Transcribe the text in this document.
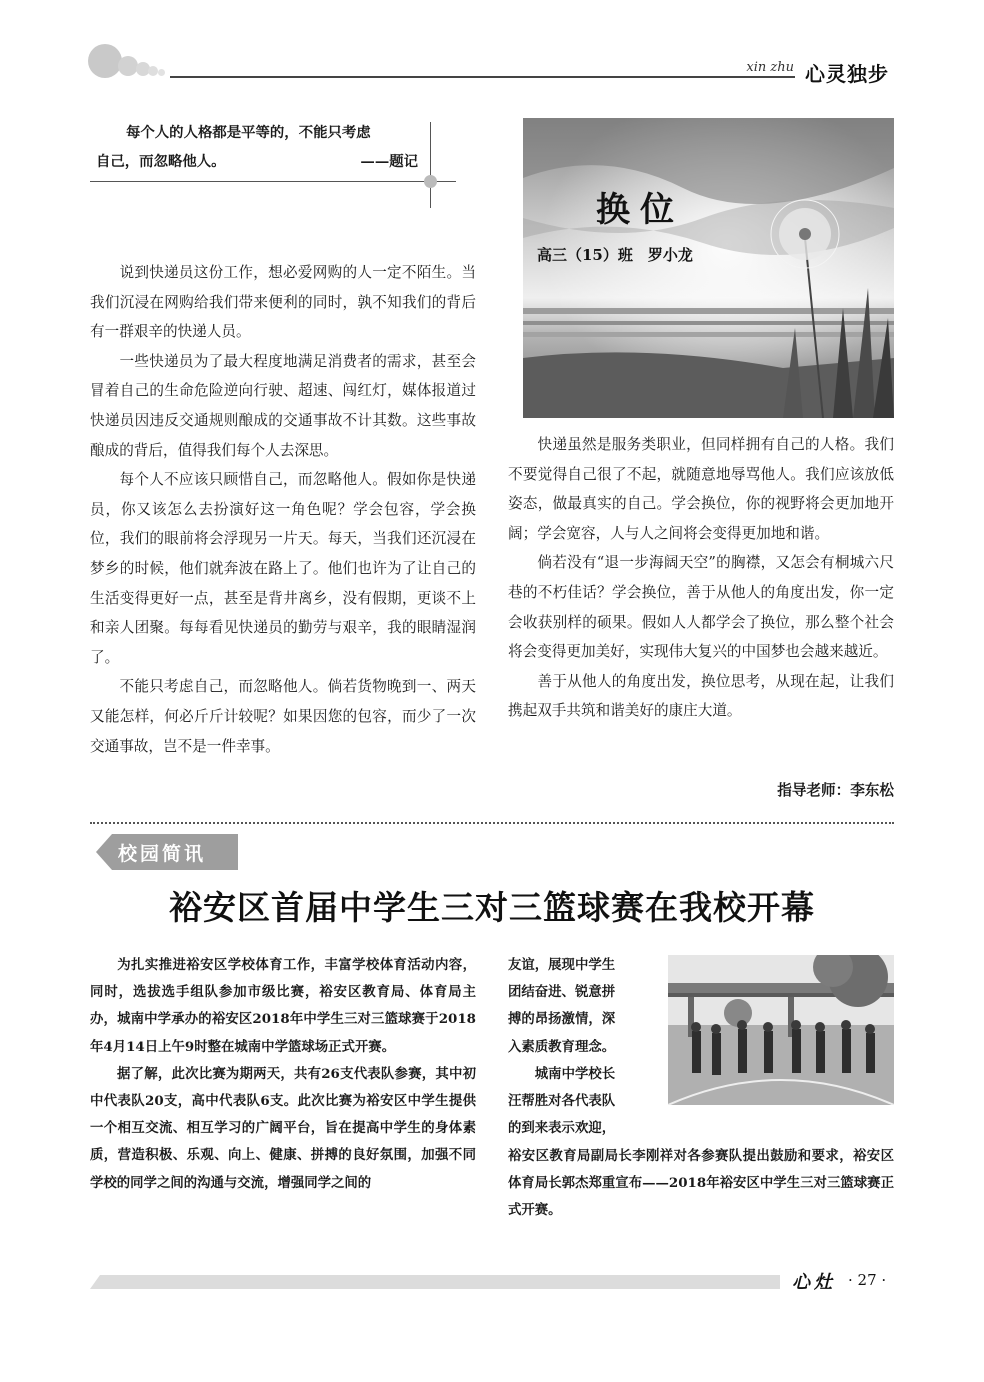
xin zhu 心灵独步
每个人的人格都是平等的，不能只考虑
自己，而忽略他人。	——题记
换位
高三（15）班　罗小龙

说到快递员这份工作，想必爱网购的人一定不陌生。当我们沉浸在网购给我们带来便利的同时，孰不知我们的背后有一群艰辛的快递人员。

一些快递员为了最大程度地满足消费者的需求，甚至会冒着自己的生命危险逆向行驶、超速、闯红灯，媒体报道过快递员因违反交通规则酿成的交通事故不计其数。这些事故酿成的背后，值得我们每个人去深思。

每个人不应该只顾惜自己，而忽略他人。假如你是快递员，你又该怎么去扮演好这一角色呢？学会包容，学会换位，我们的眼前将会浮现另一片天。每天，当我们还沉浸在梦乡的时候，他们就奔波在路上了。他们也许为了让自己的生活变得更好一点，甚至是背井离乡，没有假期，更谈不上和亲人团聚。每每看见快递员的勤劳与艰辛，我的眼睛湿润了。

不能只考虑自己，而忽略他人。倘若货物晚到一、两天又能怎样，何必斤斤计较呢？如果因您的包容，而少了一次交通事故，岂不是一件幸事。

快递虽然是服务类职业，但同样拥有自己的人格。我们不要觉得自己很了不起，就随意地辱骂他人。我们应该放低姿态，做最真实的自己。学会换位，你的视野将会更加地开阔；学会宽容，人与人之间将会变得更加地和谐。

倘若没有“退一步海阔天空”的胸襟，又怎会有桐城六尺巷的不朽佳话？学会换位，善于从他人的角度出发，你一定会收获别样的硕果。假如人人都学会了换位，那么整个社会将会变得更加美好，实现伟大复兴的中国梦也会越来越近。

善于从他人的角度出发，换位思考，从现在起，让我们携起双手共筑和谐美好的康庄大道。

指导老师：李东松
校园简讯
裕安区首届中学生三对三篮球赛在我校开幕

为扎实推进裕安区学校体育工作，丰富学校体育活动内容，同时，选拔选手组队参加市级比赛，裕安区教育局、体育局主办，城南中学承办的裕安区2018年中学生三对三篮球赛于2018年4月14日上午9时整在城南中学篮球场正式开赛。

据了解，此次比赛为期两天，共有26支代表队参赛，其中初中代表队20支，高中代表队6支。此次比赛为裕安区中学生提供一个相互交流、相互学习的广阔平台，旨在提高中学生的身体素质，营造积极、乐观、向上、健康、拼搏的良好氛围，加强不同学校的同学之间的沟通与交流，增强同学之间的

友谊，展现中学生
团结奋进、锐意拼
搏的昂扬激情，深
入素质教育理念。
城南中学校长
汪帮胜对各代表队
的到来表示欢迎，

裕安区教育局副局长李刚祥对各参赛队提出鼓励和要求，裕安区体育局长郭杰郑重宣布——2018年裕安区中学生三对三篮球赛正式开赛。

心灶 · 27 ·
